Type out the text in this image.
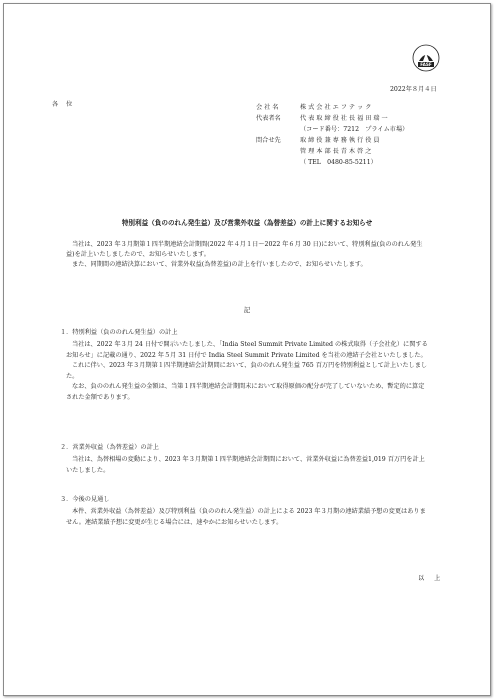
FASF
2022年８月４日
各 位	会 社 名	株 式 会 社 エ フ テ ッ ク
代表者名	代 表 取 締 役 社 長 福 田 瑞 一
（コード番号：7212　プライム市場）
問合せ先	取 締 役 兼 専 務 執 行 役 員
管 理 本 部 長 青 木 啓 之
（ TEL　0480-85-5211）
特別利益（負ののれん発生益）及び営業外収益（為替差益）の計上に関するお知らせ

当社は、2023 年３月期第１四半期連結会計期間(2022 年４月１日〜2022 年６月 30 日)において、特別利益(負ののれん発生益)を計上いたしましたので、お知らせいたします。

また、同期間の連結決算において、営業外収益(為替差益)の計上を行いましたので、お知らせいたします。

記
１．特別利益（負ののれん発生益）の計上

当社は、2022 年３月 24 日付で開示いたしました、「India Steel Summit Private Limited の株式取得（子会社化）に関するお知らせ」に記載の通り、2022 年５月 31 日付で India Steel Summit Private Limited を当社の連結子会社といたしました。

これに伴い、2023 年３月期第１四半期連結会計期間において、負ののれん発生益 765 百万円を特別利益として計上いたしました。

なお、負ののれん発生益の金額は、当第１四半期連結会計期間末において取得原価の配分が完了していないため、暫定的に算定された金額であります。

２．営業外収益（為替差益）の計上

当社は、為替相場の変動により、2023 年３月期第１四半期連結会計期間において、営業外収益に為替差益1,019 百万円を計上いたしました。

３．今後の見通し

本件、営業外収益（為替差益）及び特別利益（負ののれん発生益）の計上による 2023 年３月期の連結業績予想の変更はありません。連結業績予想に変更が生じる場合には、速やかにお知らせいたします。

以 上
